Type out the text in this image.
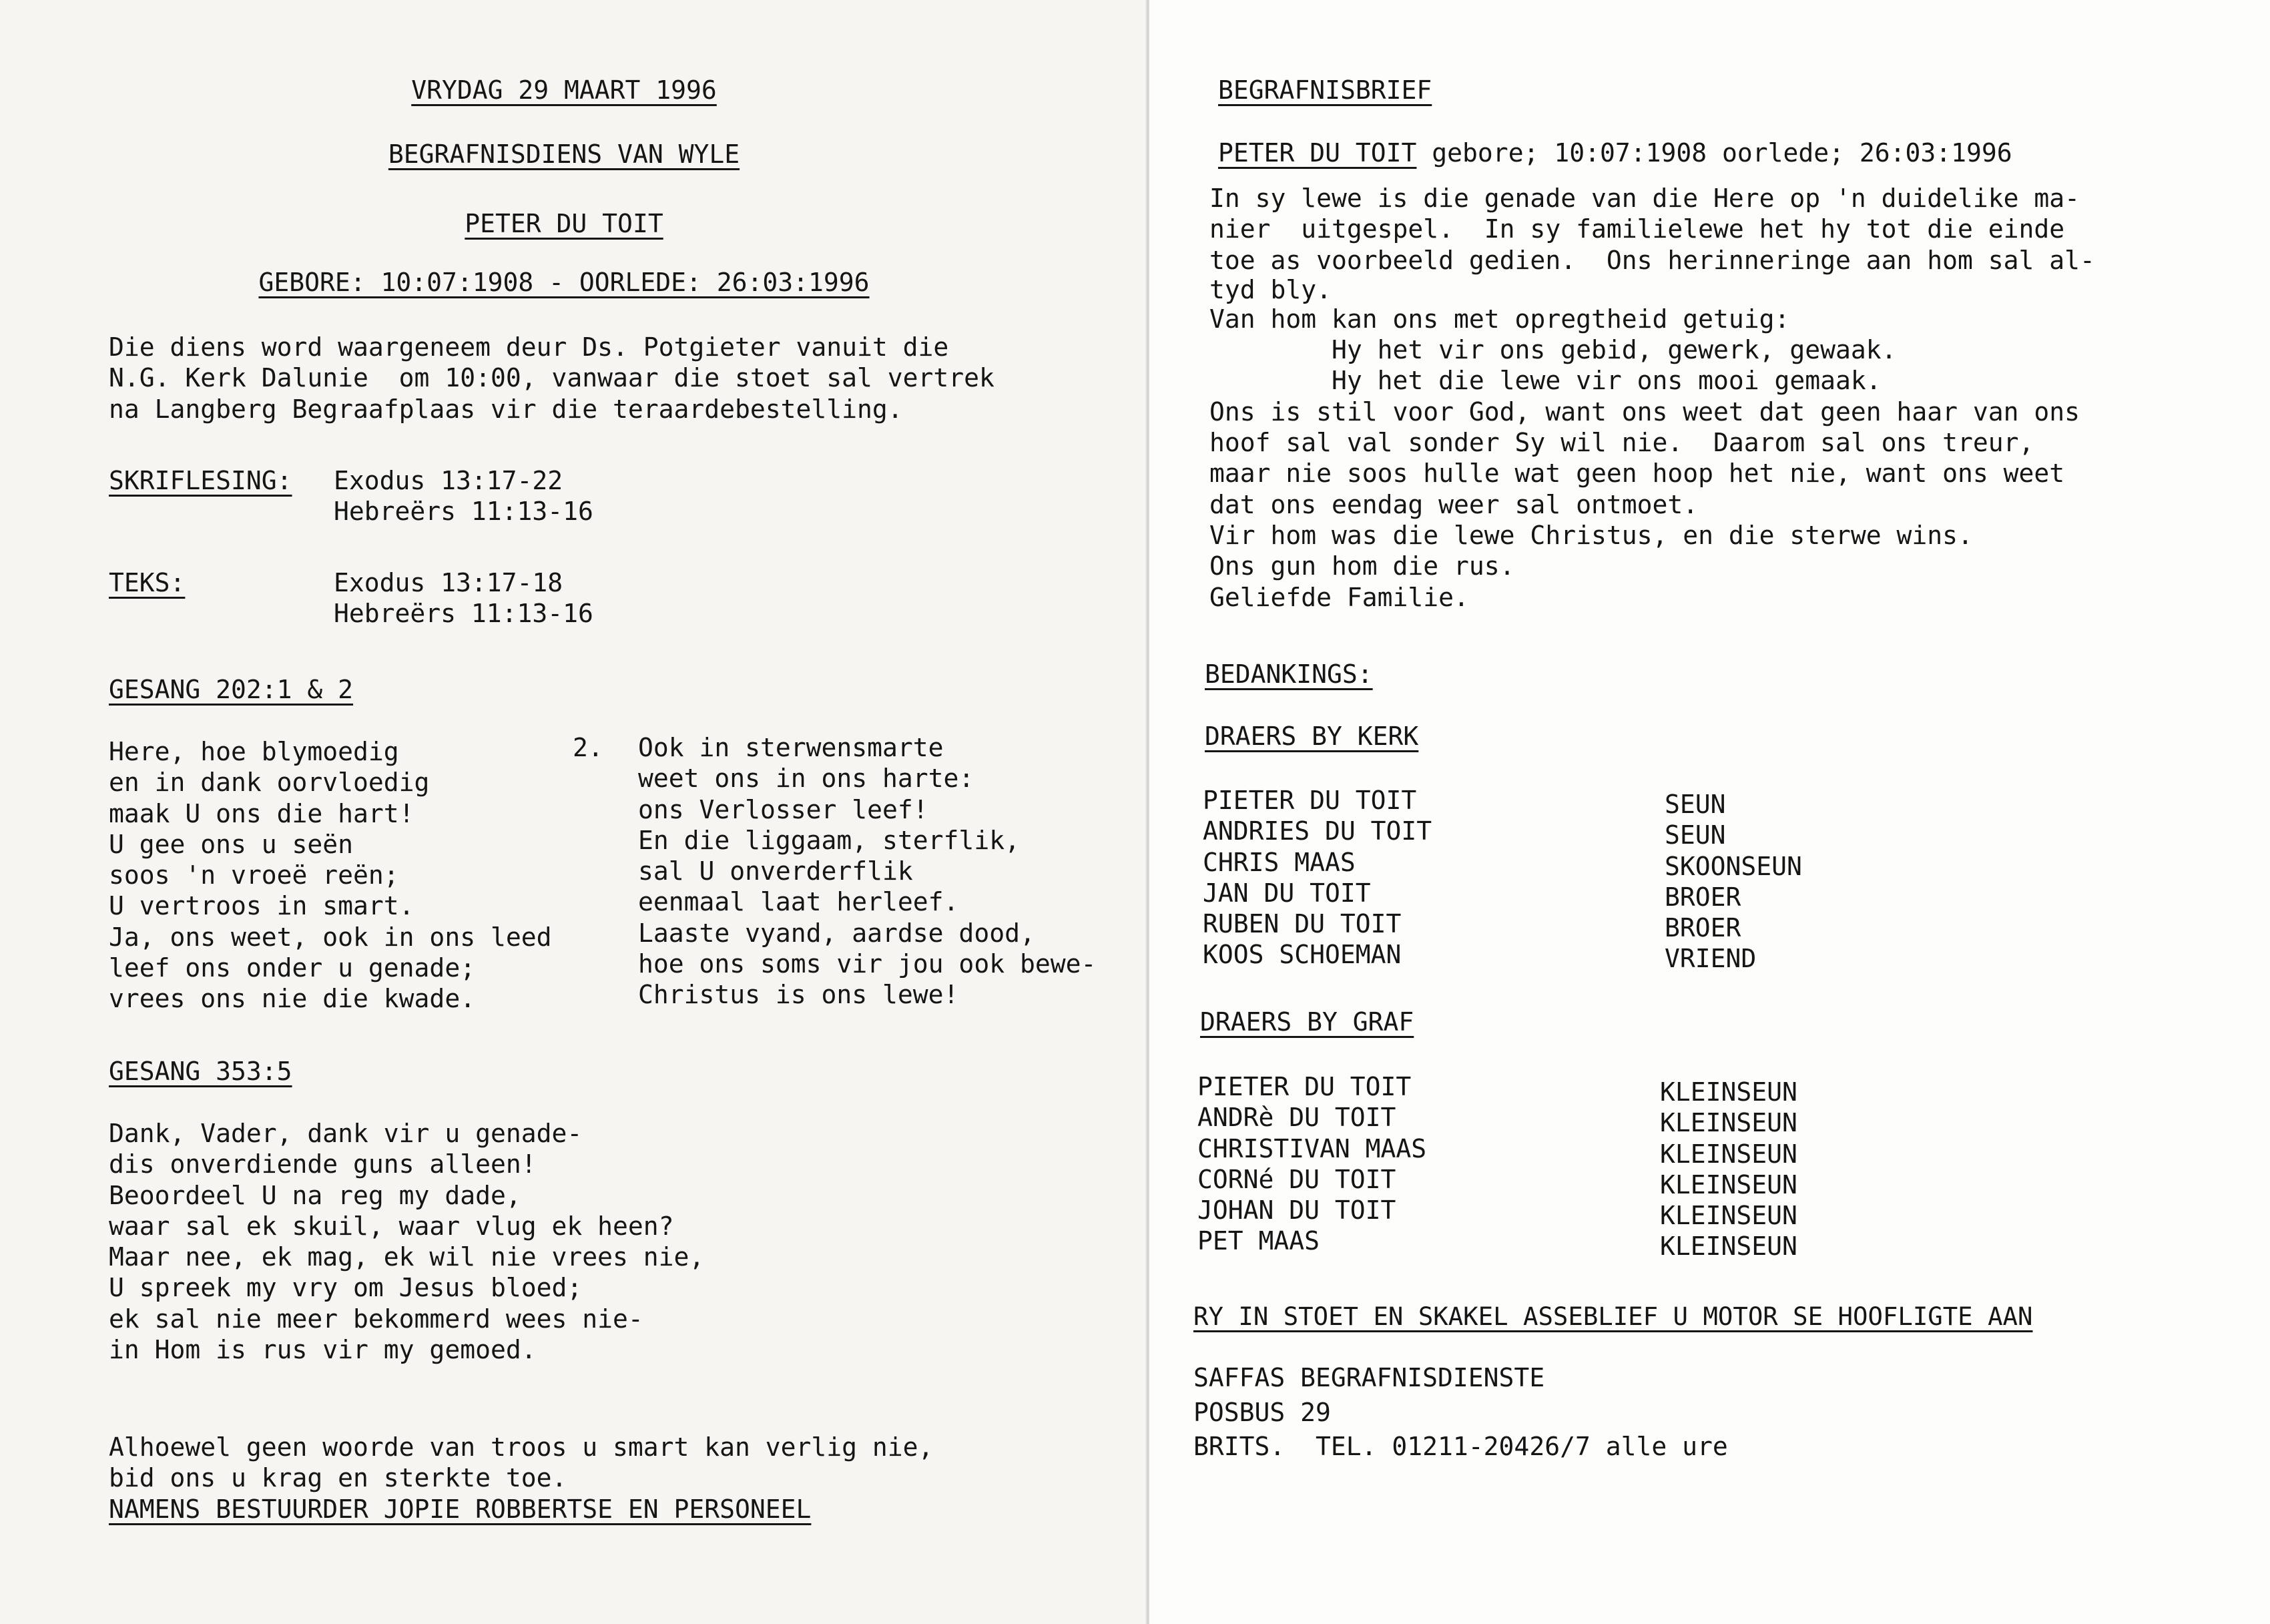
VRYDAG 29 MAART 1996
BEGRAFNISDIENS VAN WYLE
PETER DU TOIT
GEBORE: 10:07:1908 - OORLEDE: 26:03:1996
Die diens word waargeneem deur Ds. Potgieter vanuit die
N.G. Kerk Dalunie  om 10:00, vanwaar die stoet sal vertrek
na Langberg Begraafplaas vir die teraardebestelling.
SKRIFLESING: Exodus 13:17-22
Hebreërs 11:13-16
TEKS:	Exodus 13:17-18
Hebreërs 11:13-16
GESANG 202:1 & 2
Here, hoe blymoedig
en in dank oorvloedig
maak U ons die hart!
U gee ons u seën
soos 'n vroeë reën;
U vertroos in smart.
Ja, ons weet, ook in ons leed
leef ons onder u genade;
vrees ons nie die kwade.
2. Ook in sterwensmarte
weet ons in ons harte:
ons Verlosser leef!
En die liggaam, sterflik,
sal U onverderflik
eenmaal laat herleef.
Laaste vyand, aardse dood,
hoe ons soms vir jou ook bewe-
Christus is ons lewe!
GESANG 353:5
Dank, Vader, dank vir u genade-
dis onverdiende guns alleen!
Beoordeel U na reg my dade,
waar sal ek skuil, waar vlug ek heen?
Maar nee, ek mag, ek wil nie vrees nie,
U spreek my vry om Jesus bloed;
ek sal nie meer bekommerd wees nie-
in Hom is rus vir my gemoed.
Alhoewel geen woorde van troos u smart kan verlig nie,
bid ons u krag en sterkte toe.
NAMENS BESTUURDER JOPIE ROBBERTSE EN PERSONEEL
BEGRAFNISBRIEF
PETER DU TOIT gebore; 10:07:1908 oorlede; 26:03:1996
In sy lewe is die genade van die Here op 'n duidelike ma-
nier  uitgespel.  In sy familielewe het hy tot die einde
toe as voorbeeld gedien.  Ons herinneringe aan hom sal al-
tyd bly.
Van hom kan ons met opregtheid getuig:
Hy het vir ons gebid, gewerk, gewaak.
Hy het die lewe vir ons mooi gemaak.
Ons is stil voor God, want ons weet dat geen haar van ons
hoof sal val sonder Sy wil nie.  Daarom sal ons treur,
maar nie soos hulle wat geen hoop het nie, want ons weet
dat ons eendag weer sal ontmoet.
Vir hom was die lewe Christus, en die sterwe wins.
Ons gun hom die rus.
Geliefde Familie.
BEDANKINGS:
DRAERS BY KERK
PIETER DU TOIT
ANDRIES DU TOIT
CHRIS MAAS
JAN DU TOIT
RUBEN DU TOIT
KOOS SCHOEMAN
SEUN
SEUN
SKOONSEUN
BROER
BROER
VRIEND
DRAERS BY GRAF
PIETER DU TOIT
ANDRè DU TOIT
CHRISTIVAN MAAS
CORNé DU TOIT
JOHAN DU TOIT
PET MAAS
KLEINSEUN
KLEINSEUN
KLEINSEUN
KLEINSEUN
KLEINSEUN
KLEINSEUN
RY IN STOET EN SKAKEL ASSEBLIEF U MOTOR SE HOOFLIGTE AAN
SAFFAS BEGRAFNISDIENSTE
POSBUS 29
BRITS.  TEL. 01211-20426/7 alle ure
